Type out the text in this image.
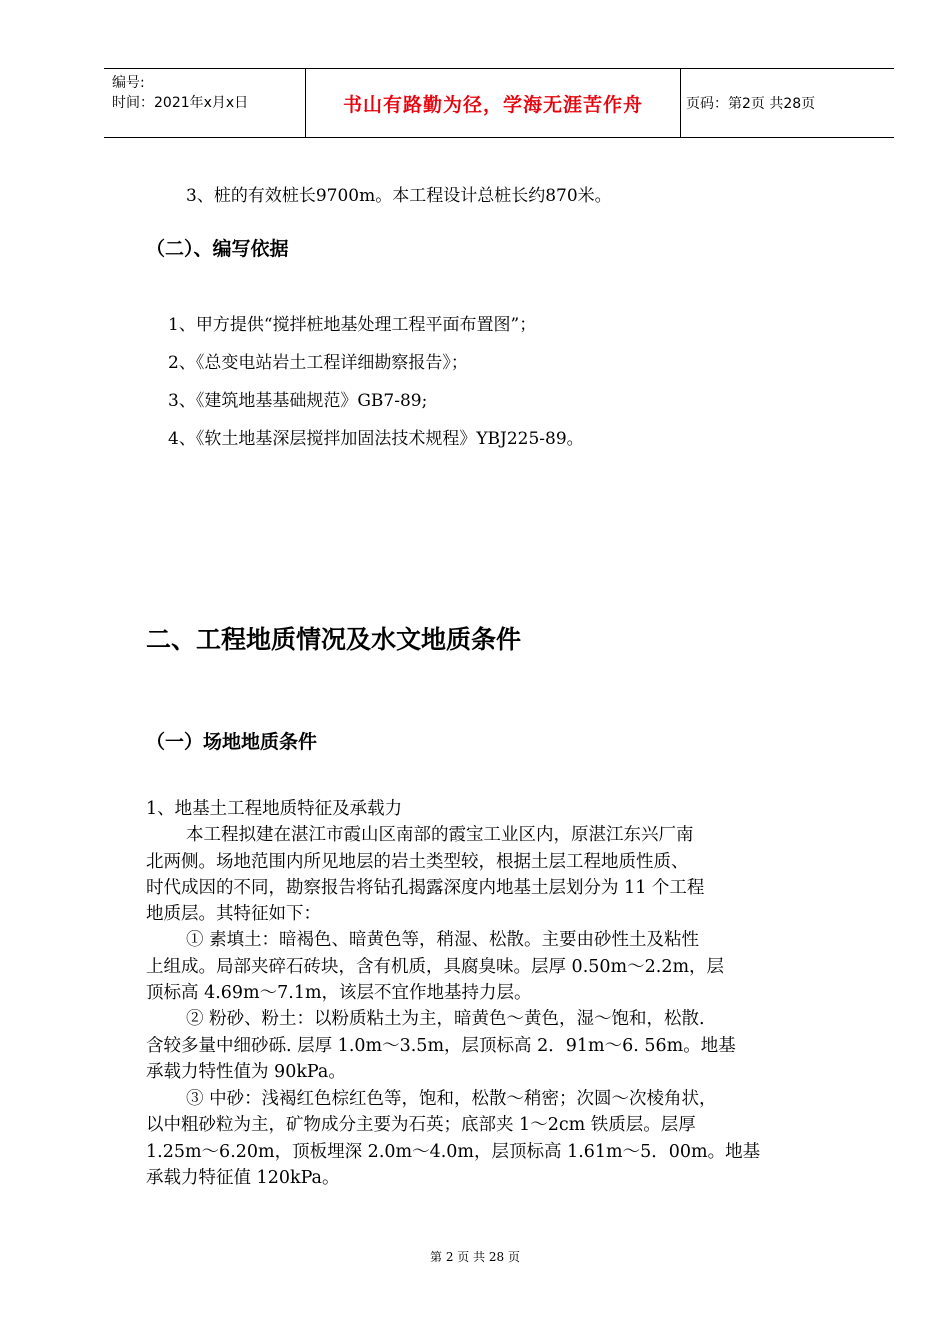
编号:
时间：2021年x月x日	书山有路勤为径，学海无涯苦作舟	页码：第2页 共28页
3、桩的有效桩长9700m。本工程设计总桩长约870米。
（二）、编写依据
1、甲方提供“搅拌桩地基处理工程平面布置图”；
2、《总变电站岩土工程详细勘察报告》；
3、《建筑地基基础规范》GB7-89;
4、《软土地基深层搅拌加固法技术规程》YBJ225-89。
二、工程地质情况及水文地质条件
（一）场地地质条件
1、地基土工程地质特征及承载力
本工程拟建在湛江市霞山区南部的霞宝工业区内，原湛江东兴厂南
北两侧。场地范围内所见地层的岩土类型较，根据土层工程地质性质、
时代成因的不同，勘察报告将钻孔揭露深度内地基土层划分为 11 个工程
地质层。其特征如下：
① 素填土：暗褐色、暗黄色等，稍湿、松散。主要由砂性土及粘性
上组成。局部夹碎石砖块，含有机质，具腐臭味。层厚 0.50m～2.2m，层
顶标高 4.69m～7.1m，该层不宜作地基持力层。
② 粉砂、粉土：以粉质粘土为主，暗黄色～黄色，湿～饱和，松散.
含较多量中细砂砾. 层厚 1.0m～3.5m，层顶标高 2．91m～6. 56m。地基
承载力特性值为 90kPa。
③ 中砂：浅褐红色棕红色等，饱和，松散～稍密；次圆～次棱角状，
以中粗砂粒为主，矿物成分主要为石英；底部夹 1～2cm 铁质层。层厚
1.25m～6.20m，顶板埋深 2.0m～4.0m，层顶标高 1.61m～5．00m。地基
承载力特征值 120kPa。
第 2 页 共 28 页
